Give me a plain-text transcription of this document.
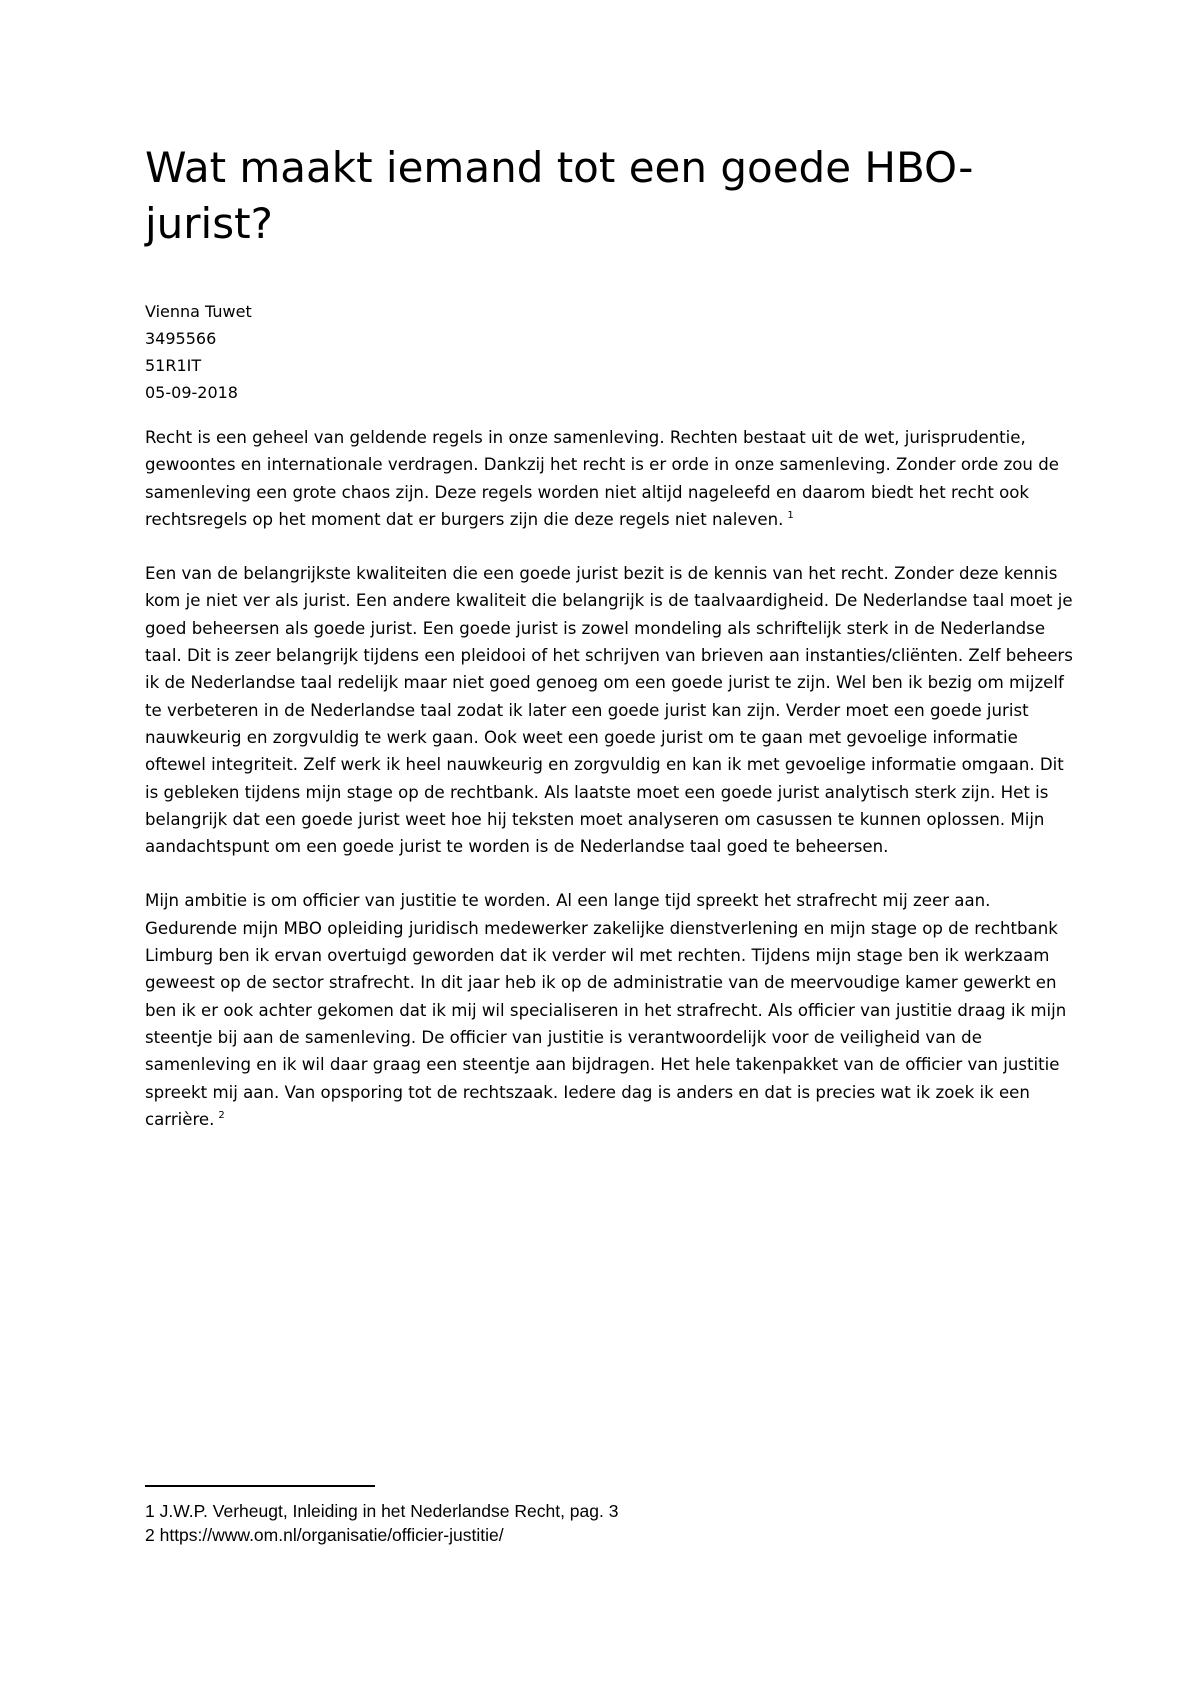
Wat maakt iemand tot een goede HBO-jurist?
Vienna Tuwet
3495566
51R1IT
05-09-2018

Recht is een geheel van geldende regels in onze samenleving. Rechten bestaat uit de wet, jurisprudentie, gewoontes en internationale verdragen. Dankzij het recht is er orde in onze samenleving. Zonder orde zou de samenleving een grote chaos zijn. Deze regels worden niet altijd nageleefd en daarom biedt het recht ook rechtsregels op het moment dat er burgers zijn die deze regels niet naleven. $^1$

Een van de belangrijkste kwaliteiten die een goede jurist bezit is de kennis van het recht. Zonder deze kennis kom je niet ver als jurist. Een andere kwaliteit die belangrijk is de taalvaardigheid. De Nederlandse taal moet je goed beheersen als goede jurist. Een goede jurist is zowel mondeling als schriftelijk sterk in de Nederlandse taal. Dit is zeer belangrijk tijdens een pleidooi of het schrijven van brieven aan instanties/cliënten. Zelf beheers ik de Nederlandse taal redelijk maar niet goed genoeg om een goede jurist te zijn. Wel ben ik bezig om mijzelf te verbeteren in de Nederlandse taal zodat ik later een goede jurist kan zijn. Verder moet een goede jurist nauwkeurig en zorgvuldig te werk gaan. Ook weet een goede jurist om te gaan met gevoelige informatie oftewel integriteit. Zelf werk ik heel nauwkeurig en zorgvuldig en kan ik met gevoelige informatie omgaan. Dit is gebleken tijdens mijn stage op de rechtbank. Als laatste moet een goede jurist analytisch sterk zijn. Het is belangrijk dat een goede jurist weet hoe hij teksten moet analyseren om casussen te kunnen oplossen. Mijn aandachtspunt om een goede jurist te worden is de Nederlandse taal goed te beheersen.

Mijn ambitie is om officier van justitie te worden. Al een lange tijd spreekt het strafrecht mij zeer aan. Gedurende mijn MBO opleiding juridisch medewerker zakelijke dienstverlening en mijn stage op de rechtbank Limburg ben ik ervan overtuigd geworden dat ik verder wil met rechten. Tijdens mijn stage ben ik werkzaam geweest op de sector strafrecht. In dit jaar heb ik op de administratie van de meervoudige kamer gewerkt en ben ik er ook achter gekomen dat ik mij wil specialiseren in het strafrecht. Als officier van justitie draag ik mijn steentje bij aan de samenleving. De officier van justitie is verantwoordelijk voor de veiligheid van de samenleving en ik wil daar graag een steentje aan bijdragen. Het hele takenpakket van de officier van justitie spreekt mij aan. Van opsporing tot de rechtszaak. Iedere dag is anders en dat is precies wat ik zoek ik een carrière. $^2$

1 J.W.P. Verheugt, Inleiding in het Nederlandse Recht, pag. 3
2 https://www.om.nl/organisatie/officier-justitie/
